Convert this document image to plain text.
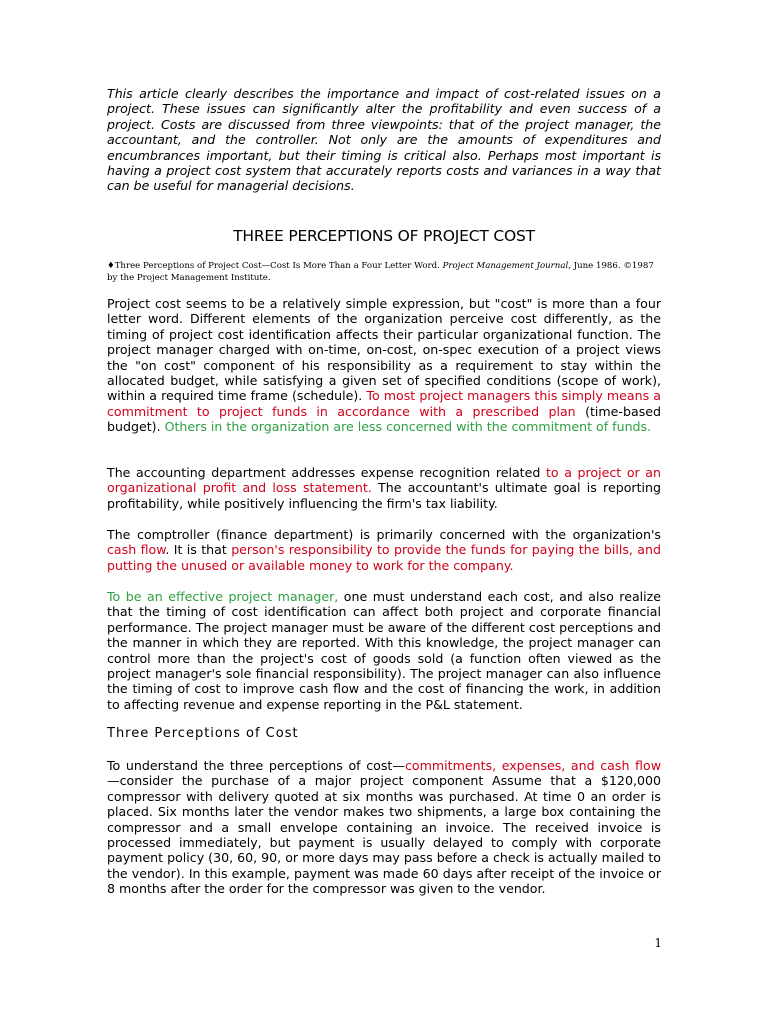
This article clearly describes the importance and impact of cost-related issues on a project. These issues can significantly alter the profitability and even success of a project. Costs are discussed from three viewpoints: that of the project manager, the accountant, and the controller. Not only are the amounts of expenditures and encumbrances important, but their timing is critical also. Perhaps most important is having a project cost system that accurately reports costs and variances in a way that can be useful for managerial decisions.

THREE PERCEPTIONS OF PROJECT COST

♦Three Perceptions of Project Cost—Cost Is More Than a Four Letter Word. Project Management Journal, June 1986. ©1987 by the Project Management Institute.

Project cost seems to be a relatively simple expression, but "cost" is more than a four letter word. Different elements of the organization perceive cost differently, as the timing of project cost identification affects their particular organizational function. The project manager charged with on-time, on-cost, on-spec execution of a project views the "on cost" component of his responsibility as a requirement to stay within the allocated budget, while satisfying a given set of specified conditions (scope of work), within a required time frame (schedule). To most project managers this simply means a commitment to project funds in accordance with a prescribed plan (time-based budget). Others in the organization are less concerned with the commitment of funds.

The accounting department addresses expense recognition related to a project or an organizational profit and loss statement. The accountant's ultimate goal is reporting profitability, while positively influencing the firm's tax liability.

The comptroller (finance department) is primarily concerned with the organization's cash flow. It is that person's responsibility to provide the funds for paying the bills, and putting the unused or available money to work for the company.

To be an effective project manager, one must understand each cost, and also realize that the timing of cost identification can affect both project and corporate financial performance. The project manager must be aware of the different cost perceptions and the manner in which they are reported. With this knowledge, the project manager can control more than the project's cost of goods sold (a function often viewed as the project manager's sole financial responsibility). The project manager can also influence the timing of cost to improve cash flow and the cost of financing the work, in addition to affecting revenue and expense reporting in the P&L statement.

Three Perceptions of Cost

To understand the three perceptions of cost—commitments, expenses, and cash flow —consider the purchase of a major project component Assume that a $120,000 compressor with delivery quoted at six months was purchased. At time 0 an order is placed. Six months later the vendor makes two shipments, a large box containing the compressor and a small envelope containing an invoice. The received invoice is processed immediately, but payment is usually delayed to comply with corporate payment policy (30, 60, 90, or more days may pass before a check is actually mailed to the vendor). In this example, payment was made 60 days after receipt of the invoice or 8 months after the order for the compressor was given to the vendor.

1
